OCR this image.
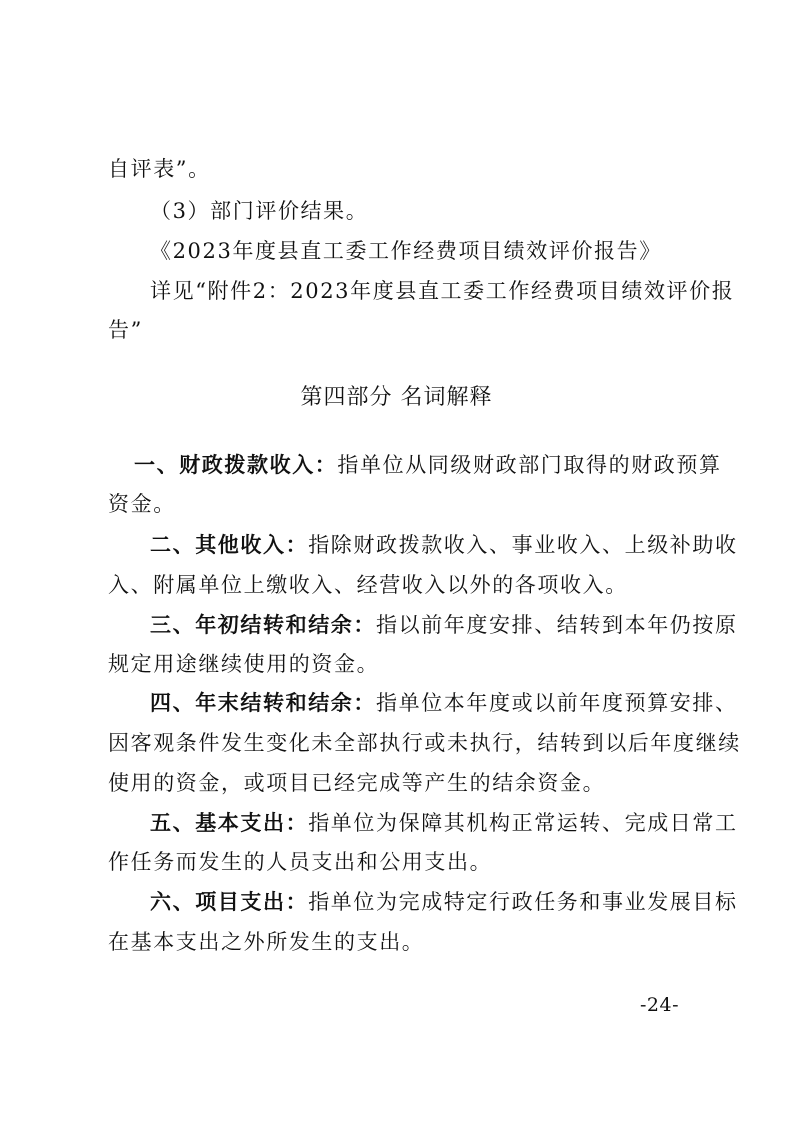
自评表”。
（3）部门评价结果。
《2023年度县直工委工作经费项目绩效评价报告》
详见“附件2：2023年度县直工委工作经费项目绩效评价报
告”
第四部分 名词解释
一、财政拨款收入：指单位从同级财政部门取得的财政预算
资金。
二、其他收入：指除财政拨款收入、事业收入、上级补助收
入、附属单位上缴收入、经营收入以外的各项收入。
三、年初结转和结余：指以前年度安排、结转到本年仍按原
规定用途继续使用的资金。
四、年末结转和结余：指单位本年度或以前年度预算安排、
因客观条件发生变化未全部执行或未执行，结转到以后年度继续
使用的资金，或项目已经完成等产生的结余资金。
五、基本支出：指单位为保障其机构正常运转、完成日常工
作任务而发生的人员支出和公用支出。
六、项目支出：指单位为完成特定行政任务和事业发展目标
在基本支出之外所发生的支出。
-24-
